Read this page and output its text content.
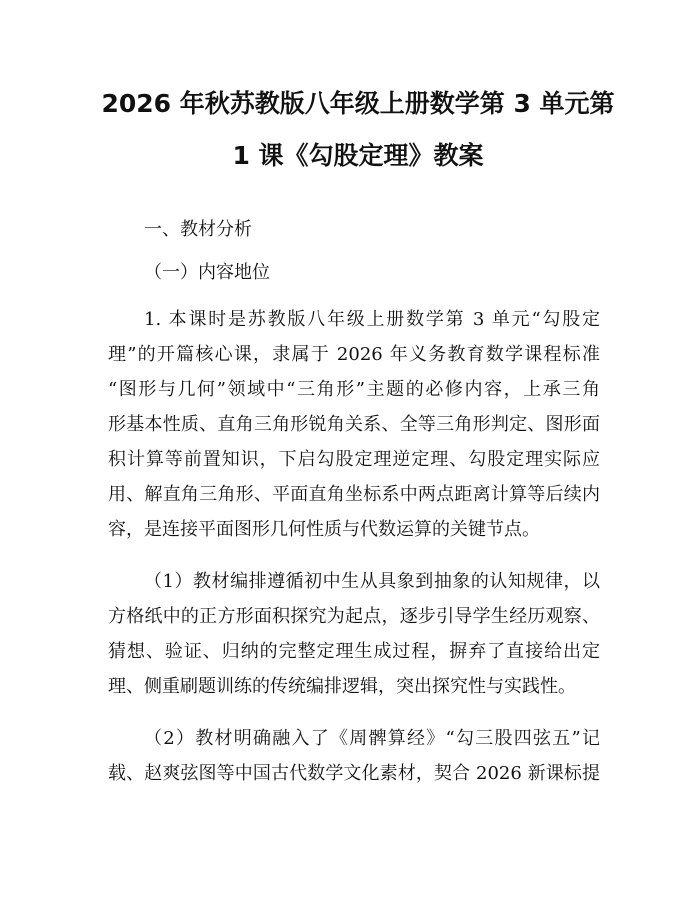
2026 年秋苏教版八年级上册数学第 3 单元第
1 课《勾股定理》教案

一、教材分析

（一）内容地位

1. 本课时是苏教版八年级上册数学第 3 单元“勾股定
理”的开篇核心课，隶属于 2026 年义务教育数学课程标准
“图形与几何”领域中“三角形”主题的必修内容，上承三角
形基本性质、直角三角形锐角关系、全等三角形判定、图形面
积计算等前置知识，下启勾股定理逆定理、勾股定理实际应
用、解直角三角形、平面直角坐标系中两点距离计算等后续内
容，是连接平面图形几何性质与代数运算的关键节点。
（1）教材编排遵循初中生从具象到抽象的认知规律，以
方格纸中的正方形面积探究为起点，逐步引导学生经历观察、
猜想、验证、归纳的完整定理生成过程，摒弃了直接给出定
理、侧重刷题训练的传统编排逻辑，突出探究性与实践性。
（2）教材明确融入了《周髀算经》“勾三股四弦五”记
载、赵爽弦图等中国古代数学文化素材，契合 2026 新课标提
